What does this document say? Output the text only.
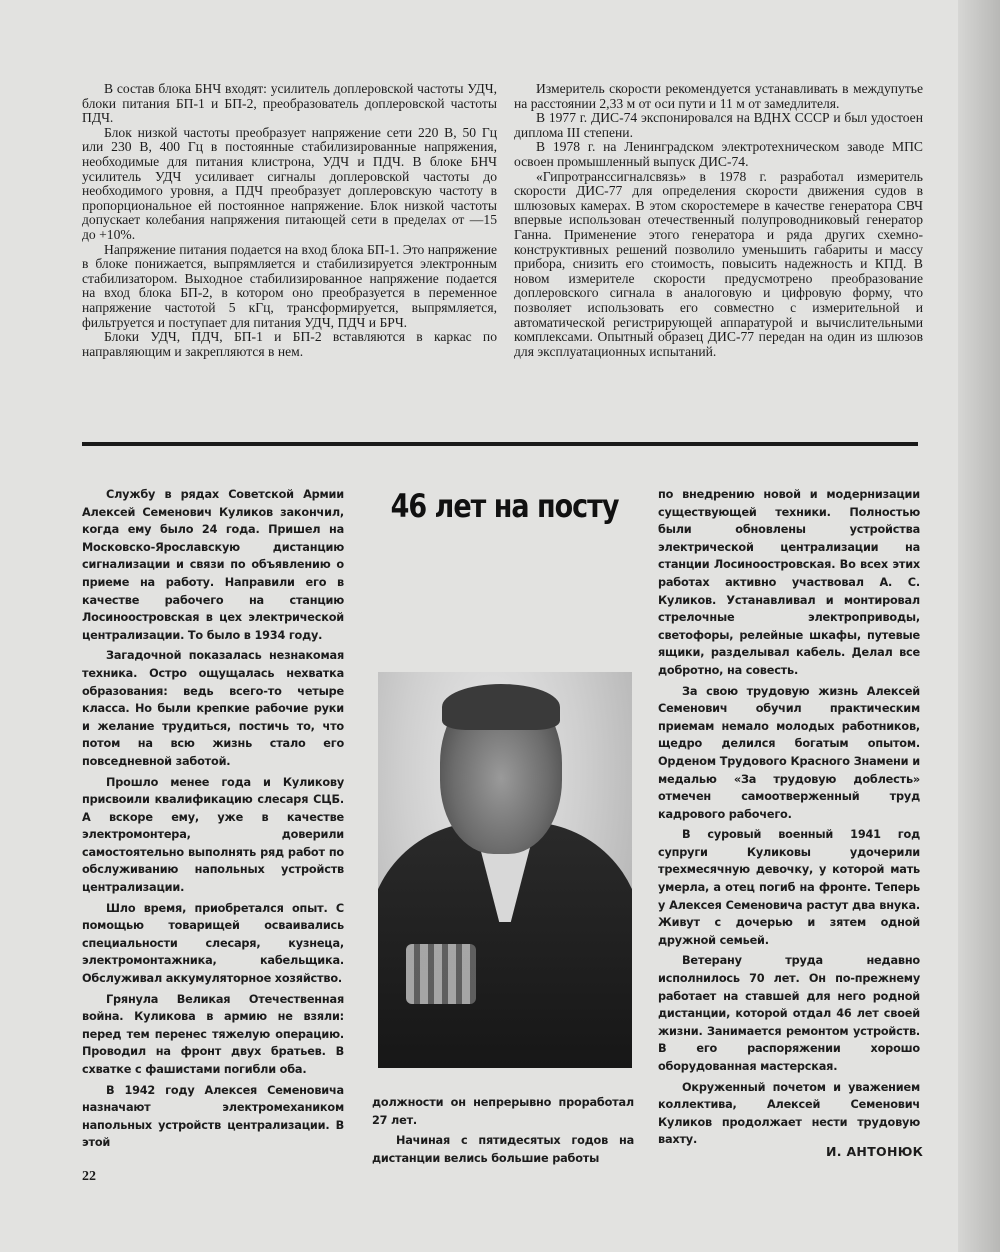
В состав блока БНЧ входят: усилитель доплеровской частоты УДЧ, блоки питания БП-1 и БП-2, преобразователь доплеровской частоты ПДЧ.

Блок низкой частоты преобразует напряжение сети 220 В, 50 Гц или 230 В, 400 Гц в постоянные стабилизированные напряжения, необходимые для питания клистрона, УДЧ и ПДЧ. В блоке БНЧ усилитель УДЧ усиливает сигналы доплеровской частоты до необходимого уровня, а ПДЧ преобразует доплеровскую частоту в пропорциональное ей постоянное напряжение. Блок низкой частоты допускает колебания напряжения питающей сети в пределах от —15 до +10%.

Напряжение питания подается на вход блока БП-1. Это напряжение в блоке понижается, выпрямляется и стабилизируется электронным стабилизатором. Выходное стабилизированное напряжение подается на вход блока БП-2, в котором оно преобразуется в переменное напряжение частотой 5 кГц, трансформируется, выпрямляется, фильтруется и поступает для питания УДЧ, ПДЧ и БРЧ.

Блоки УДЧ, ПДЧ, БП-1 и БП-2 вставляются в каркас по направляющим и закрепляются в нем.

Измеритель скорости рекомендуется устанавливать в междупутье на расстоянии 2,33 м от оси пути и 11 м от замедлителя.

В 1977 г. ДИС-74 экспонировался на ВДНХ СССР и был удостоен диплома III степени.

В 1978 г. на Ленинградском электротехническом заводе МПС освоен промышленный выпуск ДИС-74.

«Гипротранссигналсвязь» в 1978 г. разработал измеритель скорости ДИС-77 для определения скорости движения судов в шлюзовых камерах. В этом скоростемере в качестве генератора СВЧ впервые использован отечественный полупроводниковый генератор Ганна. Применение этого генератора и ряда других схемно-конструктивных решений позволило уменьшить габариты и массу прибора, снизить его стоимость, повысить надежность и КПД. В новом измерителе скорости предусмотрено преобразование доплеровского сигнала в аналоговую и цифровую форму, что позволяет использовать его совместно с измерительной и автоматической регистрирующей аппаратурой и вычислительными комплексами. Опытный образец ДИС-77 передан на один из шлюзов для эксплуатационных испытаний.

46 лет на посту

Службу в рядах Советской Армии Алексей Семенович Куликов закончил, когда ему было 24 года. Пришел на Московско-Ярославскую дистанцию сигнализации и связи по объявлению о приеме на работу. Направили его в качестве рабочего на станцию Лосиноостровская в цех электрической централизации. То было в 1934 году.

Загадочной показалась незнакомая техника. Остро ощущалась нехватка образования: ведь всего-то четыре класса. Но были крепкие рабочие руки и желание трудиться, постичь то, что потом на всю жизнь стало его повседневной заботой.

Прошло менее года и Куликову присвоили квалификацию слесаря СЦБ. А вскоре ему, уже в качестве электромонтера, доверили самостоятельно выполнять ряд работ по обслуживанию напольных устройств централизации.

Шло время, приобретался опыт. С помощью товарищей осваивались специальности слесаря, кузнеца, электромонтажника, кабельщика. Обслуживал аккумуляторное хозяйство.

Грянула Великая Отечественная война. Куликова в армию не взяли: перед тем перенес тяжелую операцию. Проводил на фронт двух братьев. В схватке с фашистами погибли оба.

В 1942 году Алексея Семеновича назначают электромехаником напольных устройств централизации. В этой

должности он непрерывно проработал 27 лет.

Начиная с пятидесятых годов на дистанции велись большие работы

по внедрению новой и модернизации существующей техники. Полностью были обновлены устройства электрической централизации на станции Лосиноостровская. Во всех этих работах активно участвовал А. С. Куликов. Устанавливал и монтировал стрелочные электроприводы, светофоры, релейные шкафы, путевые ящики, разделывал кабель. Делал все добротно, на совесть.

За свою трудовую жизнь Алексей Семенович обучил практическим приемам немало молодых работников, щедро делился богатым опытом. Орденом Трудового Красного Знамени и медалью «За трудовую доблесть» отмечен самоотверженный труд кадрового рабочего.

В суровый военный 1941 год супруги Куликовы удочерили трехмесячную девочку, у которой мать умерла, а отец погиб на фронте. Теперь у Алексея Семеновича растут два внука. Живут с дочерью и зятем одной дружной семьей.

Ветерану труда недавно исполнилось 70 лет. Он по-прежнему работает на ставшей для него родной дистанции, которой отдал 46 лет своей жизни. Занимается ремонтом устройств. В его распоряжении хорошо оборудованная мастерская.

Окруженный почетом и уважением коллектива, Алексей Семенович Куликов продолжает нести трудовую вахту.

И. АНТОНЮК
22
